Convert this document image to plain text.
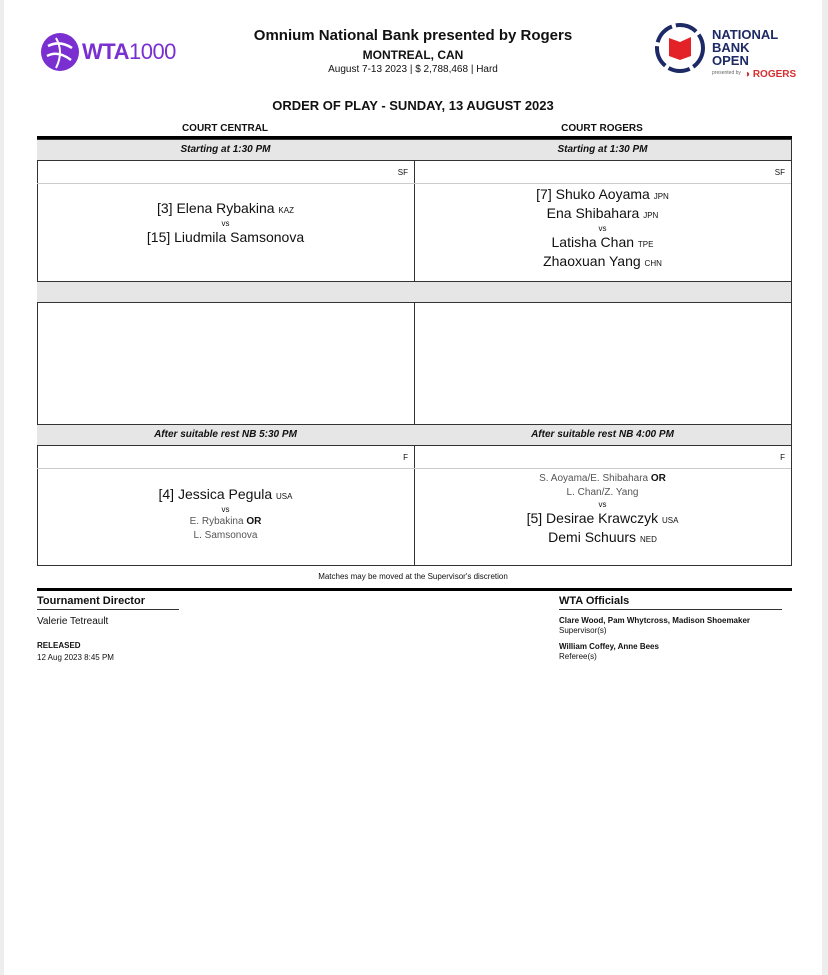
WTA1000
Omnium National Bank presented by Rogers
MONTREAL, CAN
August 7-13 2023 | $ 2,788,468 | Hard
NATIONAL
BANK
OPEN
presented by ◑ ROGERS
ORDER OF PLAY - SUNDAY, 13 AUGUST 2023
COURT CENTRAL	COURT ROGERS
Starting at 1:30 PM
SF
[3] Elena Rybakina KAZ
vs
[15] Liudmila Samsonova
After suitable rest NB 5:30 PM
F
[4] Jessica Pegula USA
vs
E. Rybakina OR
L. Samsonova
Starting at 1:30 PM
SF
[7] Shuko Aoyama JPN
Ena Shibahara JPN
vs
Latisha Chan TPE
Zhaoxuan Yang CHN
After suitable rest NB 4:00 PM
F
S. Aoyama/E. Shibahara OR
L. Chan/Z. Yang
vs
[5] Desirae Krawczyk USA
Demi Schuurs NED
Matches may be moved at the Supervisor's discretion
Tournament Director
Valerie Tetreault
RELEASED
12 Aug 2023 8:45 PM
WTA Officials
Clare Wood, Pam Whytcross, Madison Shoemaker
Supervisor(s)
William Coffey, Anne Bees
Referee(s)
